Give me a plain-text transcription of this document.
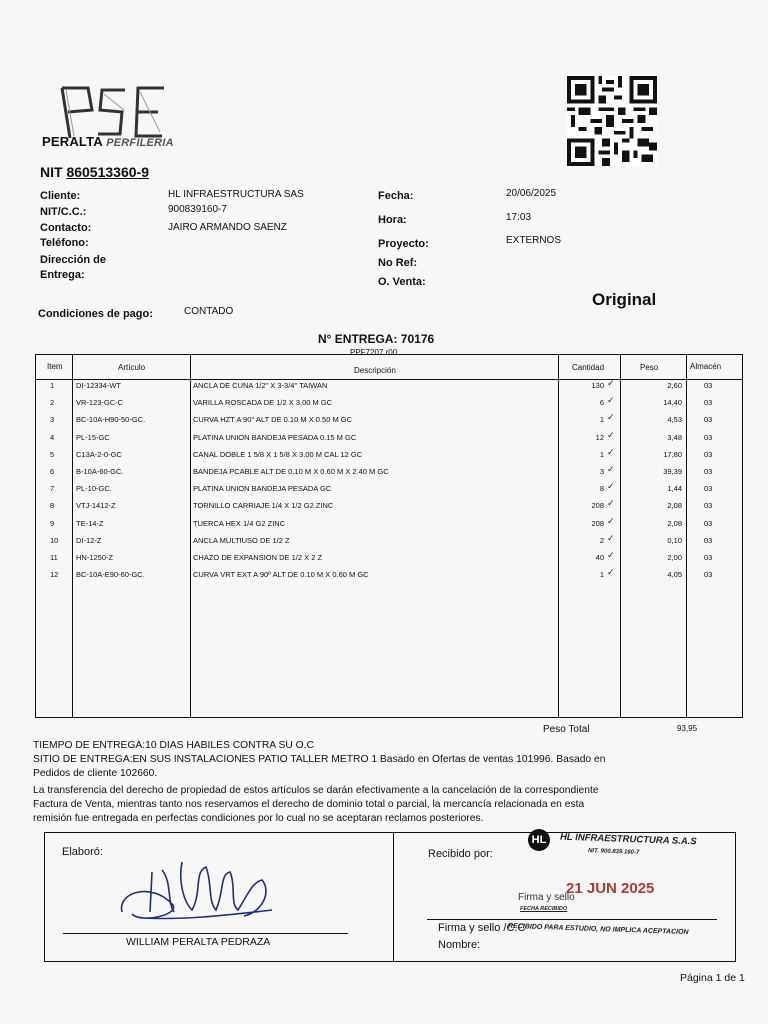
PERALTA PERFILERIA
NIT 860513360-9
Cliente:	HL INFRAESTRUCTURA SAS
NIT/C.C.:	900839160-7
Contacto:	JAIRO ARMANDO SAENZ
Teléfono:
Dirección de
Entrega:
Fecha:	20/06/2025
Hora:	17:03
Proyecto:	EXTERNOS
No Ref:
O. Venta:
Condiciones de pago:	CONTADO
Original
N° ENTREGA: 70176
PPF7207.r00
Item	Artículo	Descripción	Cantidad	Peso	Almacén
1	DI-12334-WT	ANCLA DE CUNA 1/2" X 3-3/4" TAIWAN	130	2,60	03
✓
2	VR-123-GC-C	VARILLA ROSCADA DE 1/2 X 3,00 M GC	6	14,40	03
✓
3	BC-10A-H90-50-GC.	CURVA HZT A 90° ALT DE 0.10 M X 0.50 M GC	1	4,53	03
✓
4	PL-15-GC	PLATINA UNION BANDEJA PESADA 0.15 M GC	12	3,48	03
✓
5	C13A-2-0-GC	CANAL DOBLE 1 5/8 X 1 5/8 X 3.00 M CAL 12 GC	1	17,80	03
✓
6	B-10A-60-GC.	BANDEJA PCABLE ALT DE 0.10 M X 0.60 M X 2.40 M GC	3	39,39	03
✓
7	PL-10-GC.	PLATINA UNION BANDEJA PESADA GC	8	1,44	03
✓
8	VTJ-1412-Z	TORNILLO CARRIAJE 1/4 X 1/2 G2 ZINC	208	2,08	03
✓
9	TE-14-Z	TUERCA HEX 1/4 G2 ZINC	208	2,08	03
✓
10 DI-12-Z	ANCLA MULTIUSO DE 1/2 Z	2	0,10	03
✓
11 HN-1250-Z	CHAZO DE EXPANSION DE 1/2 X 2 Z	40	2,00	03
✓
12 BC-10A-E90-60-GC.	CURVA VRT EXT A 90º ALT DE 0.10 M X 0.60 M GC	1	4,05	03
✓
Peso Total	93,95
TIEMPO DE ENTREGA:10 DIAS HABILES CONTRA SU O.C
SITIO DE ENTREGA:EN SUS INSTALACIONES PATIO TALLER METRO 1 Basado en Ofertas de ventas 101996. Basado en
Pedidos de cliente 102660.
La transferencia del derecho de propiedad de estos artículos se darán efectivamente a la cancelación de la correspondiente
Factura de Venta, mientras tanto nos reservamos el derecho de dominio total o parcial, la mercancía relacionada en esta
remisión fue entregada en perfectas condiciones por lo cual no se aceptaran reclamos posteriores.
Elaboró:
WILLIAM PERALTA PEDRAZA
Recibido por:
HL	HL INFRAESTRUCTURA S.A.S
NIT. 900.839.160-7
Firma y sello
21 JUN 2025
FECHA RECIBIDO
Firma y sello /C.C
RECIBIDO PARA ESTUDIO, NO IMPLICA ACEPTACION
Nombre:
Página 1 de 1
